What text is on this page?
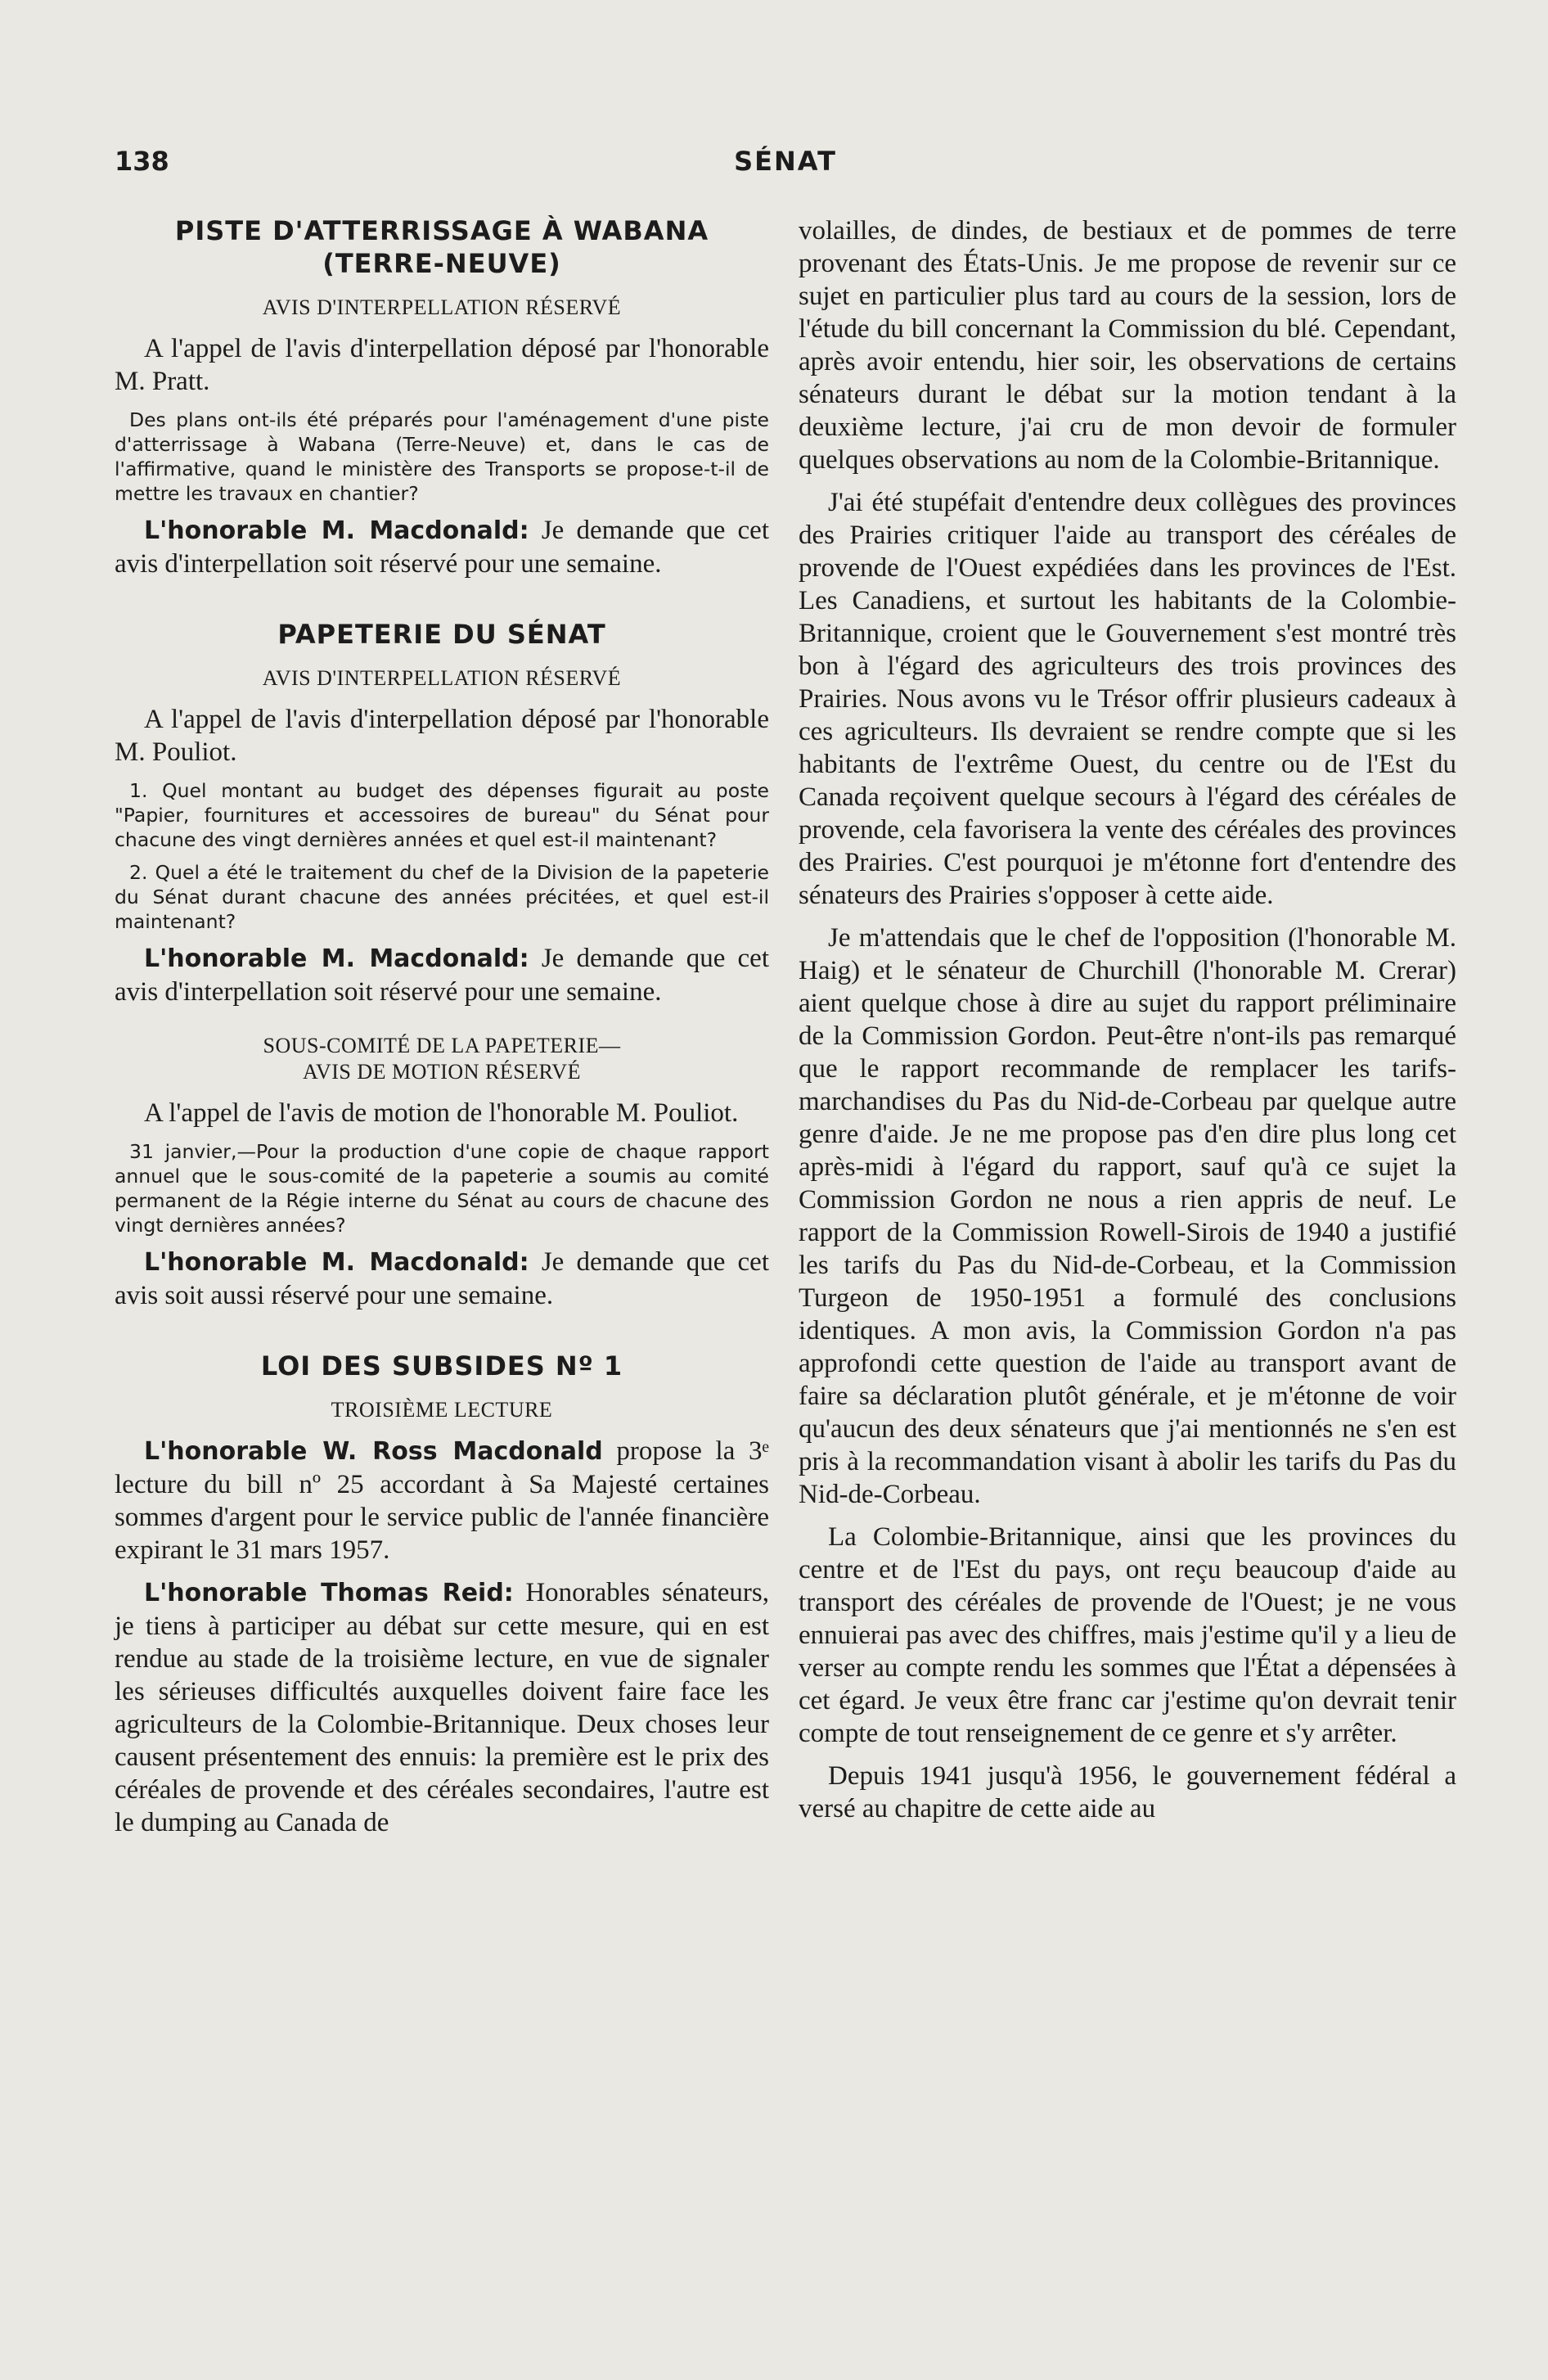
138	SÉNAT
PISTE D'ATTERRISSAGE À WABANA
(TERRE-NEUVE)
AVIS D'INTERPELLATION RÉSERVÉ

A l'appel de l'avis d'interpellation déposé par l'honorable M. Pratt.

Des plans ont-ils été préparés pour l'aménagement d'une piste d'atterrissage à Wabana (Terre-Neuve) et, dans le cas de l'affirmative, quand le ministère des Transports se propose-t-il de mettre les travaux en chantier?

L'honorable M. Macdonald: Je demande que cet avis d'interpellation soit réservé pour une semaine.

PAPETERIE DU SÉNAT
AVIS D'INTERPELLATION RÉSERVÉ

A l'appel de l'avis d'interpellation déposé par l'honorable M. Pouliot.

1. Quel montant au budget des dépenses figurait au poste "Papier, fournitures et accessoires de bureau" du Sénat pour chacune des vingt dernières années et quel est-il maintenant?

2. Quel a été le traitement du chef de la Division de la papeterie du Sénat durant chacune des années précitées, et quel est-il maintenant?

L'honorable M. Macdonald: Je demande que cet avis d'interpellation soit réservé pour une semaine.

SOUS-COMITÉ DE LA PAPETERIE—
AVIS DE MOTION RÉSERVÉ

A l'appel de l'avis de motion de l'honorable M. Pouliot.

31 janvier,—Pour la production d'une copie de chaque rapport annuel que le sous-comité de la papeterie a soumis au comité permanent de la Régie interne du Sénat au cours de chacune des vingt dernières années?

L'honorable M. Macdonald: Je demande que cet avis soit aussi réservé pour une semaine.

LOI DES SUBSIDES Nº 1
TROISIÈME LECTURE

L'honorable W. Ross Macdonald propose la 3ᵉ lecture du bill nº 25 accordant à Sa Majesté certaines sommes d'argent pour le service public de l'année financière expirant le 31 mars 1957.

L'honorable Thomas Reid: Honorables sénateurs, je tiens à participer au débat sur cette mesure, qui en est rendue au stade de la troisième lecture, en vue de signaler les sérieuses difficultés auxquelles doivent faire face les agriculteurs de la Colombie-Britannique. Deux choses leur causent présentement des ennuis: la première est le prix des céréales de provende et des céréales secondaires, l'autre est le dumping au Canada de

volailles, de dindes, de bestiaux et de pommes de terre provenant des États-Unis. Je me propose de revenir sur ce sujet en particulier plus tard au cours de la session, lors de l'étude du bill concernant la Commission du blé. Cependant, après avoir entendu, hier soir, les observations de certains sénateurs durant le débat sur la motion tendant à la deuxième lecture, j'ai cru de mon devoir de formuler quelques observations au nom de la Colombie-Britannique.

J'ai été stupéfait d'entendre deux collègues des provinces des Prairies critiquer l'aide au transport des céréales de provende de l'Ouest expédiées dans les provinces de l'Est. Les Canadiens, et surtout les habitants de la Colombie-Britannique, croient que le Gouvernement s'est montré très bon à l'égard des agriculteurs des trois provinces des Prairies. Nous avons vu le Trésor offrir plusieurs cadeaux à ces agriculteurs. Ils devraient se rendre compte que si les habitants de l'extrême Ouest, du centre ou de l'Est du Canada reçoivent quelque secours à l'égard des céréales de provende, cela favorisera la vente des céréales des provinces des Prairies. C'est pourquoi je m'étonne fort d'entendre des sénateurs des Prairies s'opposer à cette aide.

Je m'attendais que le chef de l'opposition (l'honorable M. Haig) et le sénateur de Churchill (l'honorable M. Crerar) aient quelque chose à dire au sujet du rapport préliminaire de la Commission Gordon. Peut-être n'ont-ils pas remarqué que le rapport recommande de remplacer les tarifs-marchandises du Pas du Nid-de-Corbeau par quelque autre genre d'aide. Je ne me propose pas d'en dire plus long cet après-midi à l'égard du rapport, sauf qu'à ce sujet la Commission Gordon ne nous a rien appris de neuf. Le rapport de la Commission Rowell-Sirois de 1940 a justifié les tarifs du Pas du Nid-de-Corbeau, et la Commission Turgeon de 1950-1951 a formulé des conclusions identiques. A mon avis, la Commission Gordon n'a pas approfondi cette question de l'aide au transport avant de faire sa déclaration plutôt générale, et je m'étonne de voir qu'aucun des deux sénateurs que j'ai mentionnés ne s'en est pris à la recommandation visant à abolir les tarifs du Pas du Nid-de-Corbeau.

La Colombie-Britannique, ainsi que les provinces du centre et de l'Est du pays, ont reçu beaucoup d'aide au transport des céréales de provende de l'Ouest; je ne vous ennuierai pas avec des chiffres, mais j'estime qu'il y a lieu de verser au compte rendu les sommes que l'État a dépensées à cet égard. Je veux être franc car j'estime qu'on devrait tenir compte de tout renseignement de ce genre et s'y arrêter.

Depuis 1941 jusqu'à 1956, le gouvernement fédéral a versé au chapitre de cette aide au
